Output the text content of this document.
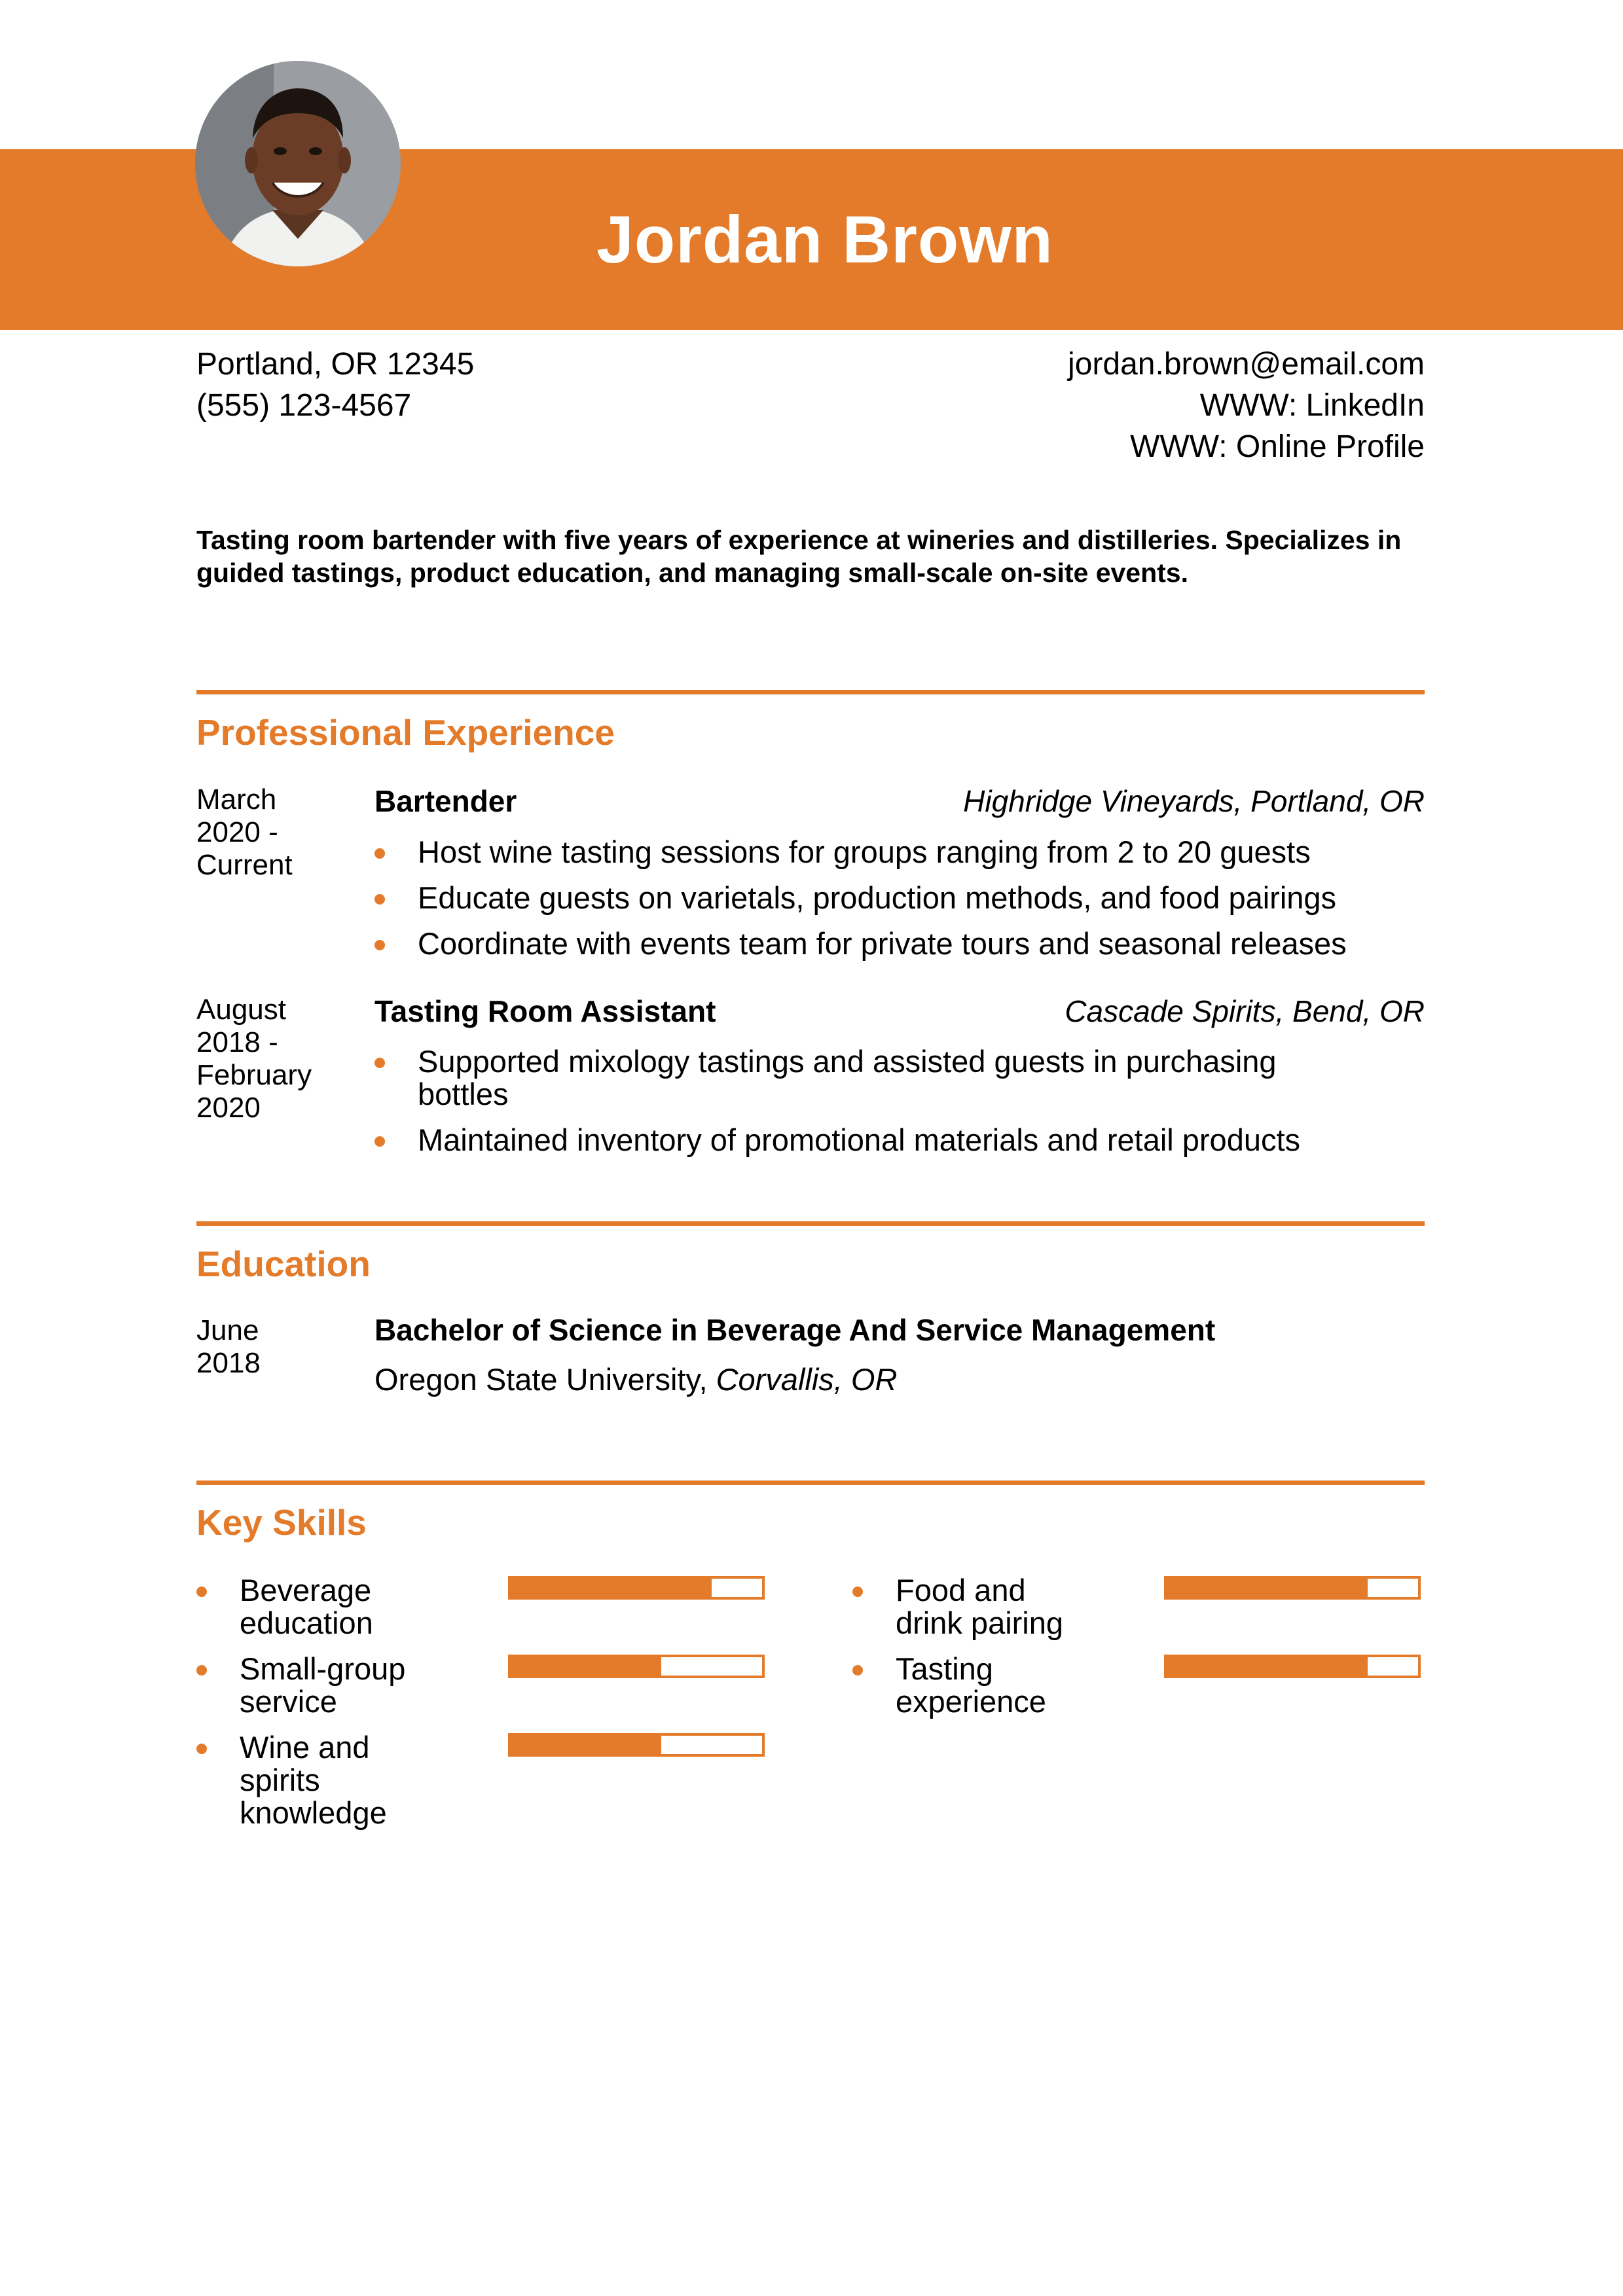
Jordan Brown
Portland, OR 12345
(555) 123-4567
jordan.brown@email.com
WWW: LinkedIn
WWW: Online Profile
Tasting room bartender with five years of experience at wineries and distilleries. Specializes in guided tastings, product education, and managing small-scale on-site events.
Professional Experience
March
2020 -
Current
Bartender	Highridge Vineyards, Portland, OR
Host wine tasting sessions for groups ranging from 2 to 20 guests
Educate guests on varietals, production methods, and food pairings
Coordinate with events team for private tours and seasonal releases
August
2018 -
February
2020
Tasting Room Assistant	Cascade Spirits, Bend, OR
Supported mixology tastings and assisted guests in purchasing bottles
Maintained inventory of promotional materials and retail products
Education
June
2018
Bachelor of Science in Beverage And Service Management
Oregon State University, Corvallis, OR
Key Skills
Beverage education
Small-group service
Wine and spirits knowledge
Food and drink pairing
Tasting experience
